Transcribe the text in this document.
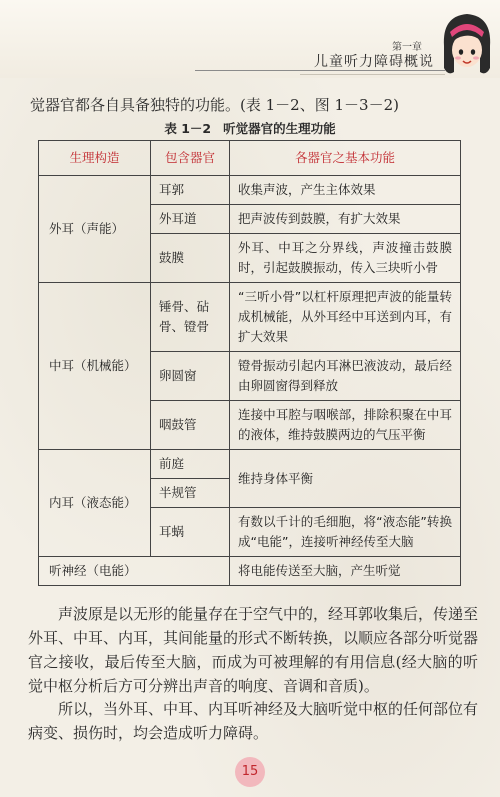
第一章
儿童听力障碍概说
觉器官都各自具备独特的功能。(表 1－2、图 1－3－2)
表 1－2 听觉器官的生理功能
生理构造	包含器官	各器官之基本功能
外耳（声能）	耳郭	收集声波，产生主体效果
	外耳道	把声波传到鼓膜，有扩大效果
	鼓膜	外耳、中耳之分界线，声波撞击鼓膜时，引起鼓膜振动，传入三块听小骨
中耳（机械能）	锤骨、砧骨、镫骨	“三听小骨”以杠杆原理把声波的能量转成机械能，从外耳经中耳送到内耳，有扩大效果
	卵圆窗	镫骨振动引起内耳淋巴液波动，最后经由卵圆窗得到释放
	咽鼓管	连接中耳腔与咽喉部，排除积聚在中耳的液体，维持鼓膜两边的气压平衡
内耳（液态能）	前庭	维持身体平衡
	半规管	
	耳蜗	有数以千计的毛细胞，将“液态能”转换成“电能”，连接听神经传至大脑
听神经（电能）		将电能传送至大脑，产生听觉
声波原是以无形的能量存在于空气中的，经耳郭收集后，传递至外耳、中耳、内耳，其间能量的形式不断转换，以顺应各部分听觉器官之接收，最后传至大脑，而成为可被理解的有用信息(经大脑的听觉中枢分析后方可分辨出声音的响度、音调和音质)。
所以，当外耳、中耳、内耳听神经及大脑听觉中枢的任何部位有病变、损伤时，均会造成听力障碍。
15
